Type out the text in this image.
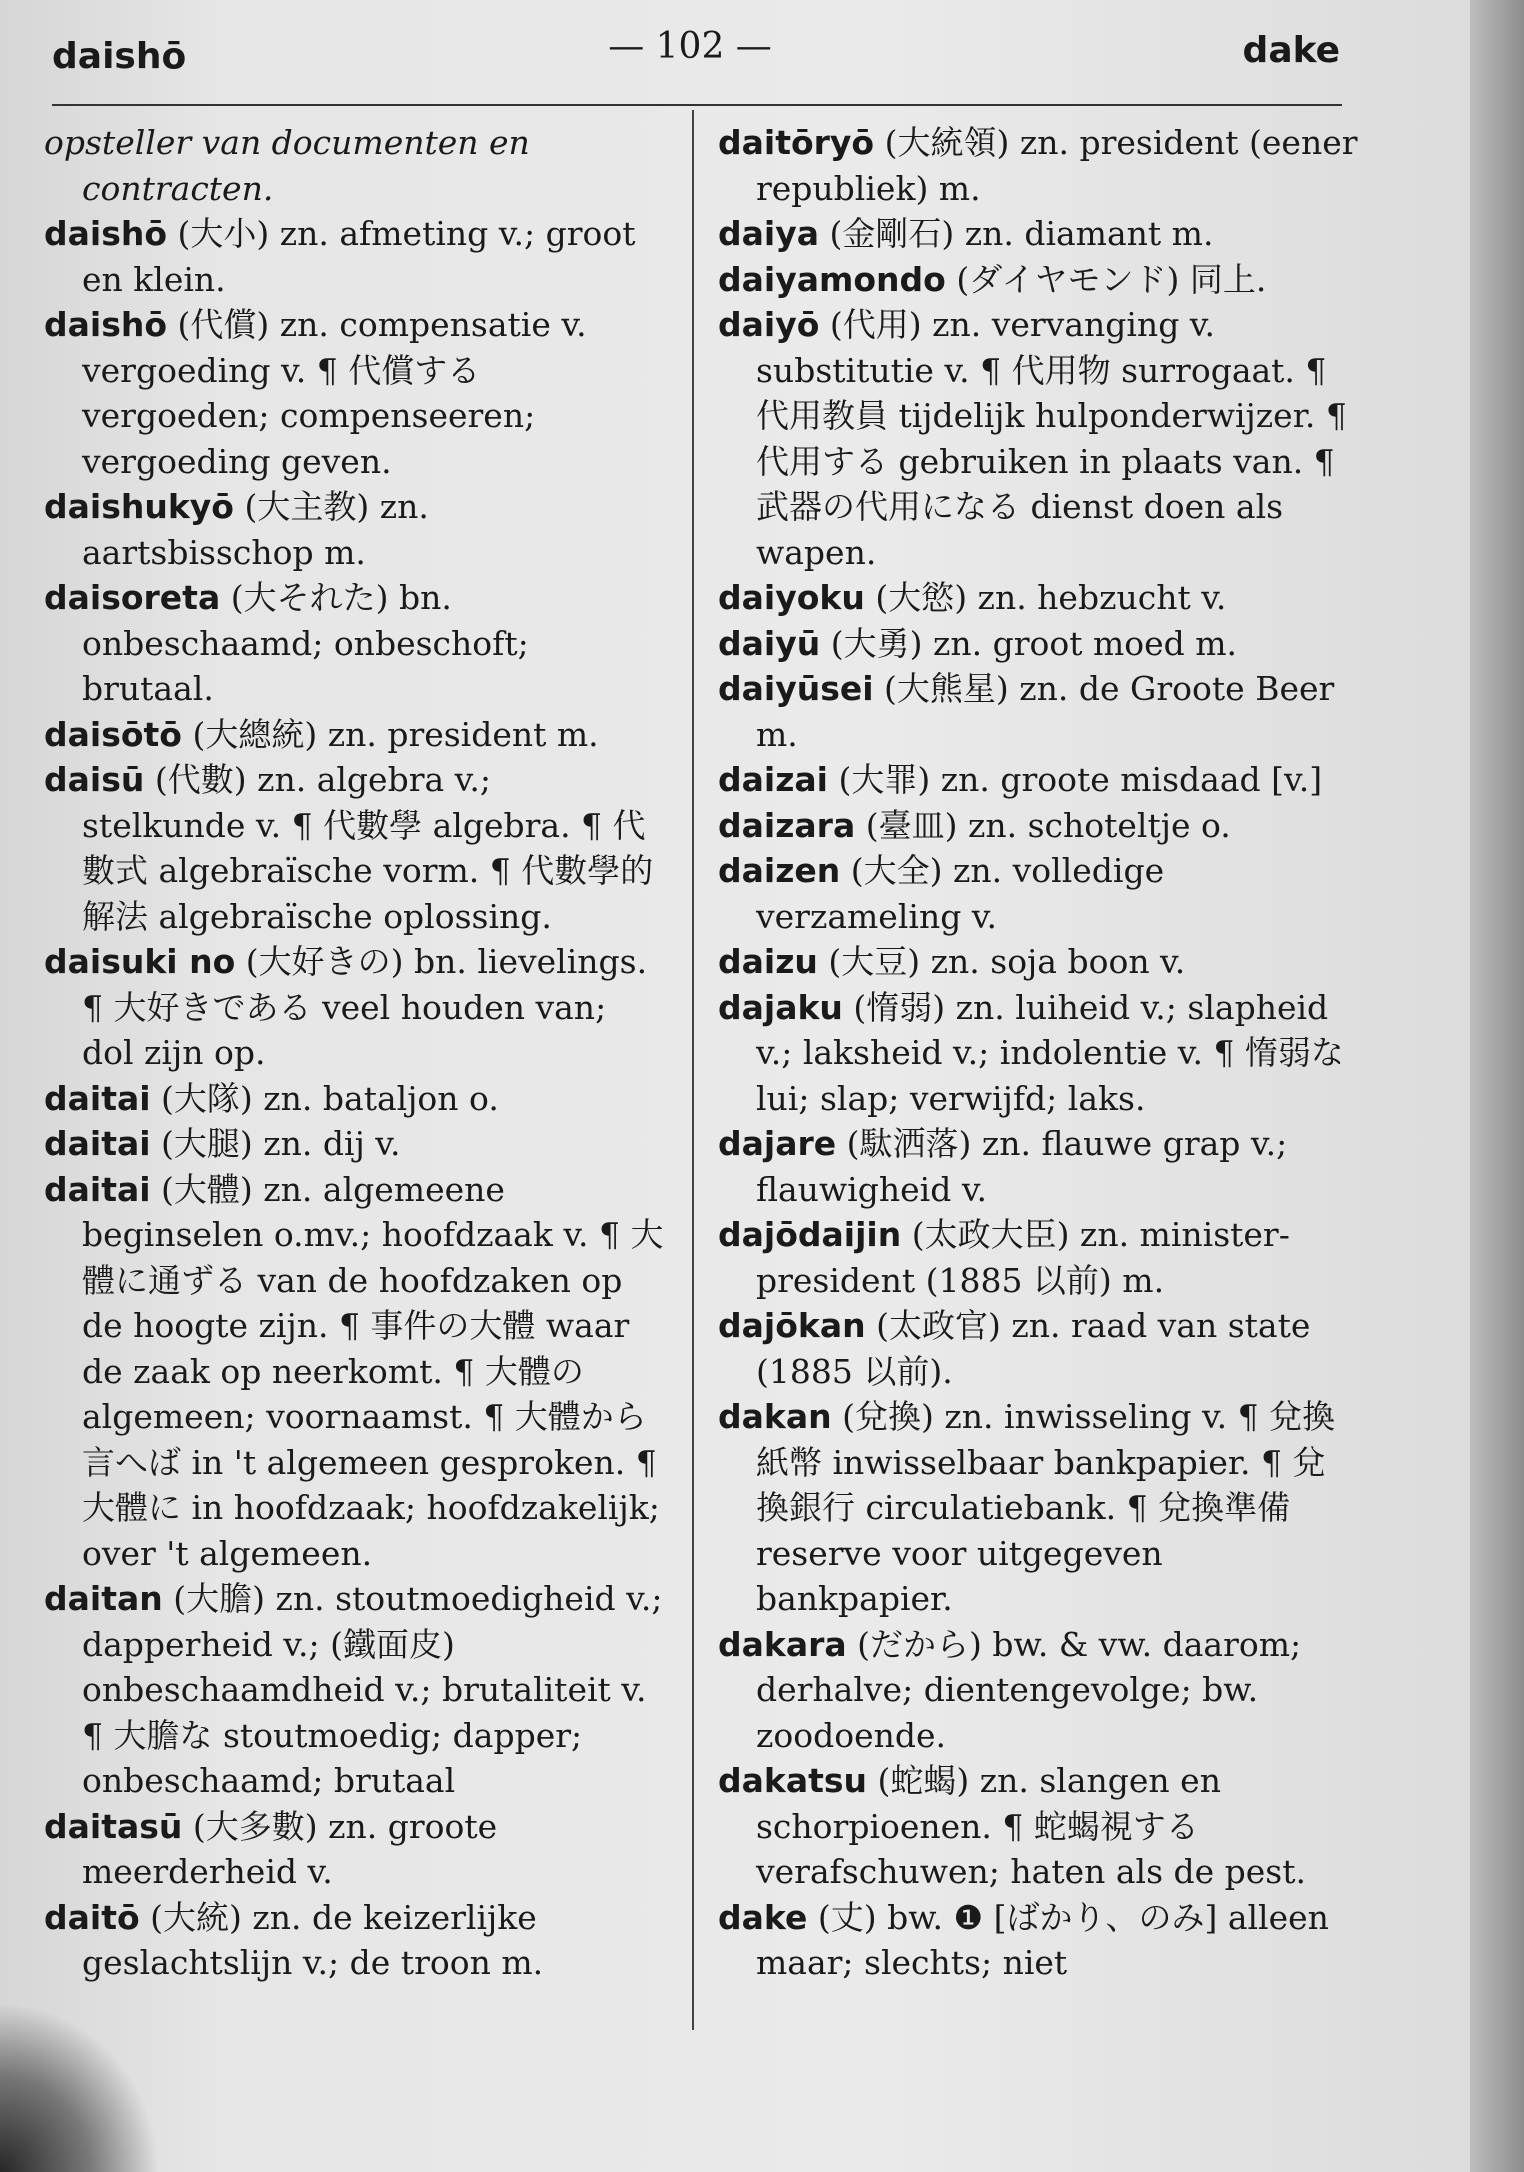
daishō	— 102 —	dake

opsteller van documenten en contracten.

daishō (大小) zn. afmeting v.; groot en klein.

daishō (代償) zn. compensatie v. vergoeding v. ¶ 代償する vergoeden; compenseeren; vergoeding geven.

daishukyō (大主教) zn. aartsbisschop m.

daisoreta (大それた) bn. onbeschaamd; onbeschoft; brutaal.

daisōtō (大總統) zn. president m.

daisū (代數) zn. algebra v.; stelkunde v. ¶ 代數學 algebra. ¶ 代數式 algebraïsche vorm. ¶ 代數學的解法 algebraïsche oplossing.

daisuki no (大好きの) bn. lievelings. ¶ 大好きである veel houden van; dol zijn op.

daitai (大隊) zn. bataljon o.

daitai (大腿) zn. dij v.

daitai (大體) zn. algemeene beginselen o.mv.; hoofdzaak v. ¶ 大體に通ずる van de hoofdzaken op de hoogte zijn. ¶ 事件の大體 waar de zaak op neerkomt. ¶ 大體の algemeen; voornaamst. ¶ 大體から言へば in 't algemeen gesproken. ¶ 大體に in hoofdzaak; hoofdzakelijk; over 't algemeen.

daitan (大膽) zn. stoutmoedigheid v.; dapperheid v.; (鐵面皮) onbeschaamdheid v.; brutaliteit v. ¶ 大膽な stoutmoedig; dapper; onbeschaamd; brutaal

daitasū (大多數) zn. groote meerderheid v.

daitō (大統) zn. de keizerlijke geslachtslijn v.; de troon m.

daitōryō (大統領) zn. president (eener republiek) m.

daiya (金剛石) zn. diamant m.

daiyamondo (ダイヤモンド) 同上.

daiyō (代用) zn. vervanging v. substitutie v. ¶ 代用物 surrogaat. ¶ 代用教員 tijdelijk hulponderwijzer. ¶ 代用する gebruiken in plaats van. ¶ 武器の代用になる dienst doen als wapen.

daiyoku (大慾) zn. hebzucht v.

daiyū (大勇) zn. groot moed m.

daiyūsei (大熊星) zn. de Groote Beer m.

daizai (大罪) zn. groote misdaad [v.]

daizara (臺皿) zn. schoteltje o.

daizen (大全) zn. volledige verzameling v.

daizu (大豆) zn. soja boon v.

dajaku (惰弱) zn. luiheid v.; slapheid v.; laksheid v.; indolentie v. ¶ 惰弱な lui; slap; verwijfd; laks.

dajare (駄洒落) zn. flauwe grap v.; flauwigheid v.

dajōdaijin (太政大臣) zn. minister-president (1885 以前) m.

dajōkan (太政官) zn. raad van state (1885 以前).

dakan (兌換) zn. inwisseling v. ¶ 兌換紙幣 inwisselbaar bankpapier. ¶ 兌換銀行 circulatiebank. ¶ 兌換準備 reserve voor uitgegeven bankpapier.

dakara (だから) bw. & vw. daarom; derhalve; dientengevolge; bw. zoodoende.

dakatsu (蛇蝎) zn. slangen en schorpioenen. ¶ 蛇蝎視する verafschuwen; haten als de pest.

dake (丈) bw. ❶ [ばかり、のみ] alleen maar; slechts; niet
